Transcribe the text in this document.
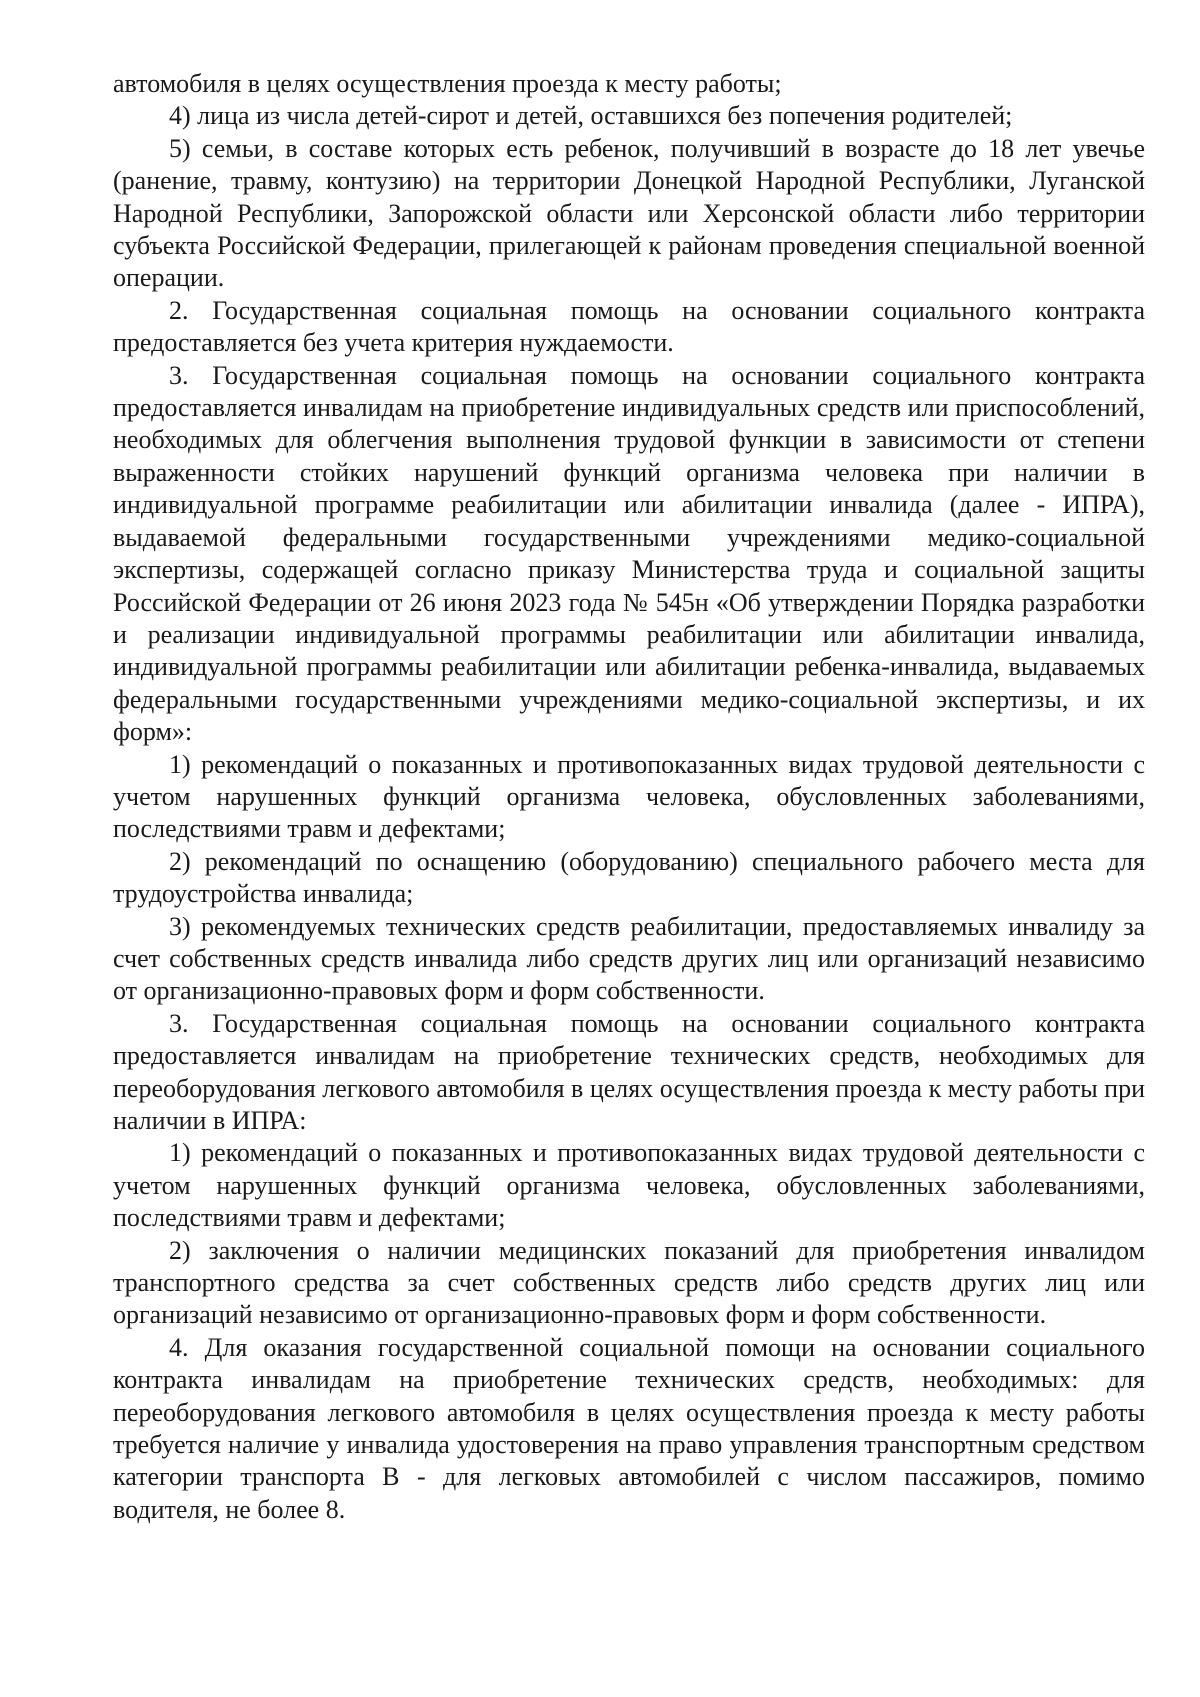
автомобиля в целях осуществления проезда к месту работы;

4) лица из числа детей-сирот и детей, оставшихся без попечения родителей;

5) семьи, в составе которых есть ребенок, получивший в возрасте до 18 лет увечье (ранение, травму, контузию) на территории Донецкой Народной Республики, Луганской Народной Республики, Запорожской области или Херсонской области либо территории субъекта Российской Федерации, прилегающей к районам проведения специальной военной операции.

2. Государственная социальная помощь на основании социального контракта предоставляется без учета критерия нуждаемости.

3. Государственная социальная помощь на основании социального контракта предоставляется инвалидам на приобретение индивидуальных средств или приспособлений, необходимых для облегчения выполнения трудовой функции в зависимости от степени выраженности стойких нарушений функций организма человека при наличии в индивидуальной программе реабилитации или абилитации инвалида (далее - ИПРА), выдаваемой федеральными государственными учреждениями медико-социальной экспертизы, содержащей согласно приказу Министерства труда и социальной защиты Российской Федерации от 26 июня 2023 года № 545н «Об утверждении Порядка разработки и реализации индивидуальной программы реабилитации или абилитации инвалида, индивидуальной программы реабилитации или абилитации ребенка-инвалида, выдаваемых федеральными государственными учреждениями медико-социальной экспертизы, и их форм»:

1) рекомендаций о показанных и противопоказанных видах трудовой деятельности с учетом нарушенных функций организма человека, обусловленных заболеваниями, последствиями травм и дефектами;

2) рекомендаций по оснащению (оборудованию) специального рабочего места для трудоустройства инвалида;

3) рекомендуемых технических средств реабилитации, предоставляемых инвалиду за счет собственных средств инвалида либо средств других лиц или организаций независимо от организационно-правовых форм и форм собственности.

3. Государственная социальная помощь на основании социального контракта предоставляется инвалидам на приобретение технических средств, необходимых для переоборудования легкового автомобиля в целях осуществления проезда к месту работы при наличии в ИПРА:

1) рекомендаций о показанных и противопоказанных видах трудовой деятельности с учетом нарушенных функций организма человека, обусловленных заболеваниями, последствиями травм и дефектами;

2) заключения о наличии медицинских показаний для приобретения инвалидом транспортного средства за счет собственных средств либо средств других лиц или организаций независимо от организационно-правовых форм и форм собственности.

4. Для оказания государственной социальной помощи на основании социального контракта инвалидам на приобретение технических средств, необходимых: для переоборудования легкового автомобиля в целях осуществления проезда к месту работы требуется наличие у инвалида удостоверения на право управления транспортным средством категории транспорта В - для легковых автомобилей с числом пассажиров, помимо водителя, не более 8.
